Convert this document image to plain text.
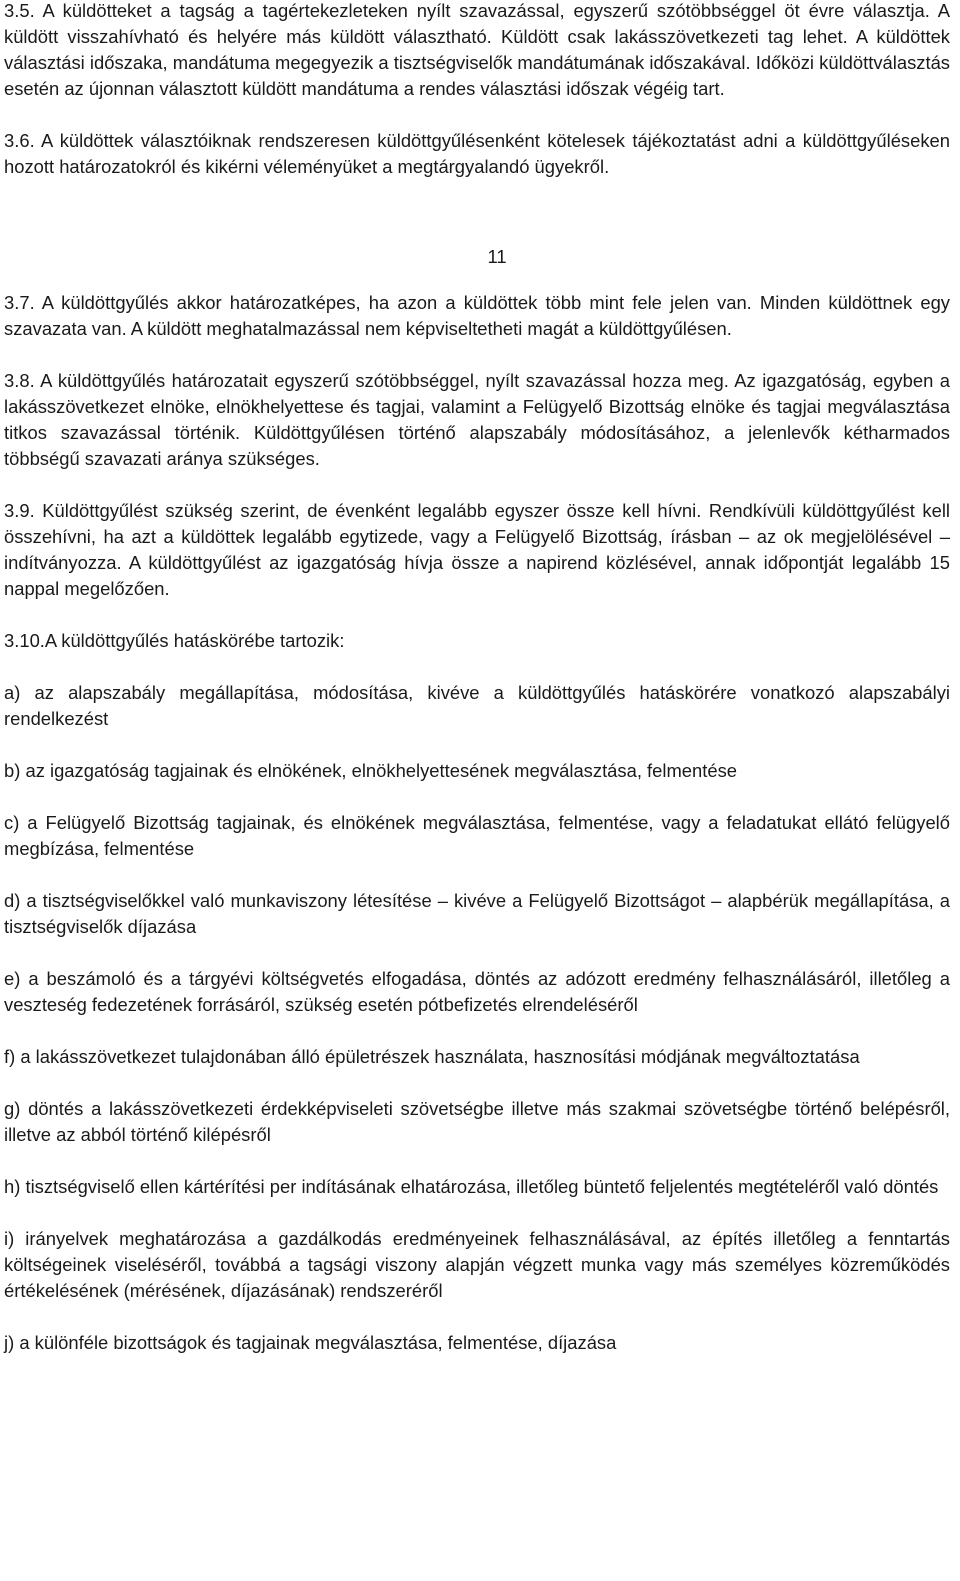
3.5. A küldötteket a tagság a tagértekezleteken nyílt szavazással, egyszerű szótöbbséggel öt évre választja. A küldött visszahívható és helyére más küldött választható. Küldött csak lakásszövetkezeti tag lehet. A küldöttek választási időszaka, mandátuma megegyezik a tisztségviselők mandátumának időszakával. Időközi küldöttválasztás esetén az újonnan választott küldött mandátuma a rendes választási időszak végéig tart.

3.6. A küldöttek választóiknak rendszeresen küldöttgyűlésenként kötelesek tájékoztatást adni a küldöttgyűléseken hozott határozatokról és kikérni véleményüket a megtárgyalandó ügyekről.

11

3.7. A küldöttgyűlés akkor határozatképes, ha azon a küldöttek több mint fele jelen van. Minden küldöttnek egy szavazata van. A küldött meghatalmazással nem képviseltetheti magát a küldöttgyűlésen.

3.8. A küldöttgyűlés határozatait egyszerű szótöbbséggel, nyílt szavazással hozza meg. Az igazgatóság, egyben a lakásszövetkezet elnöke, elnökhelyettese és tagjai, valamint a Felügyelő Bizottság elnöke és tagjai megválasztása titkos szavazással történik. Küldöttgyűlésen történő alapszabály módosításához, a jelenlevők kétharmados többségű szavazati aránya szükséges.

3.9. Küldöttgyűlést szükség szerint, de évenként legalább egyszer össze kell hívni. Rendkívüli küldöttgyűlést kell összehívni, ha azt a küldöttek legalább egytizede, vagy a Felügyelő Bizottság, írásban – az ok megjelölésével – indítványozza. A küldöttgyűlést az igazgatóság hívja össze a napirend közlésével, annak időpontját legalább 15 nappal megelőzően.

3.10.A küldöttgyűlés hatáskörébe tartozik:

a) az alapszabály megállapítása, módosítása, kivéve a küldöttgyűlés hatáskörére vonatkozó alapszabályi rendelkezést

b) az igazgatóság tagjainak és elnökének, elnökhelyettesének megválasztása, felmentése

c) a Felügyelő Bizottság tagjainak, és elnökének megválasztása, felmentése, vagy a feladatukat ellátó felügyelő megbízása, felmentése

d) a tisztségviselőkkel való munkaviszony létesítése – kivéve a Felügyelő Bizottságot – alapbérük megállapítása, a tisztségviselők díjazása

e) a beszámoló és a tárgyévi költségvetés elfogadása, döntés az adózott eredmény felhasználásáról, illetőleg a veszteség fedezetének forrásáról, szükség esetén pótbefizetés elrendeléséről

f) a lakásszövetkezet tulajdonában álló épületrészek használata, hasznosítási módjának megváltoztatása

g) döntés a lakásszövetkezeti érdekképviseleti szövetségbe illetve más szakmai szövetségbe történő belépésről, illetve az abból történő kilépésről

h) tisztségviselő ellen kártérítési per indításának elhatározása, illetőleg büntető feljelentés megtételéről való döntés

i) irányelvek meghatározása a gazdálkodás eredményeinek felhasználásával, az építés illetőleg a fenntartás költségeinek viseléséről, továbbá a tagsági viszony alapján végzett munka vagy más személyes közreműködés értékelésének (mérésének, díjazásának) rendszeréről

j) a különféle bizottságok és tagjainak megválasztása, felmentése, díjazása
